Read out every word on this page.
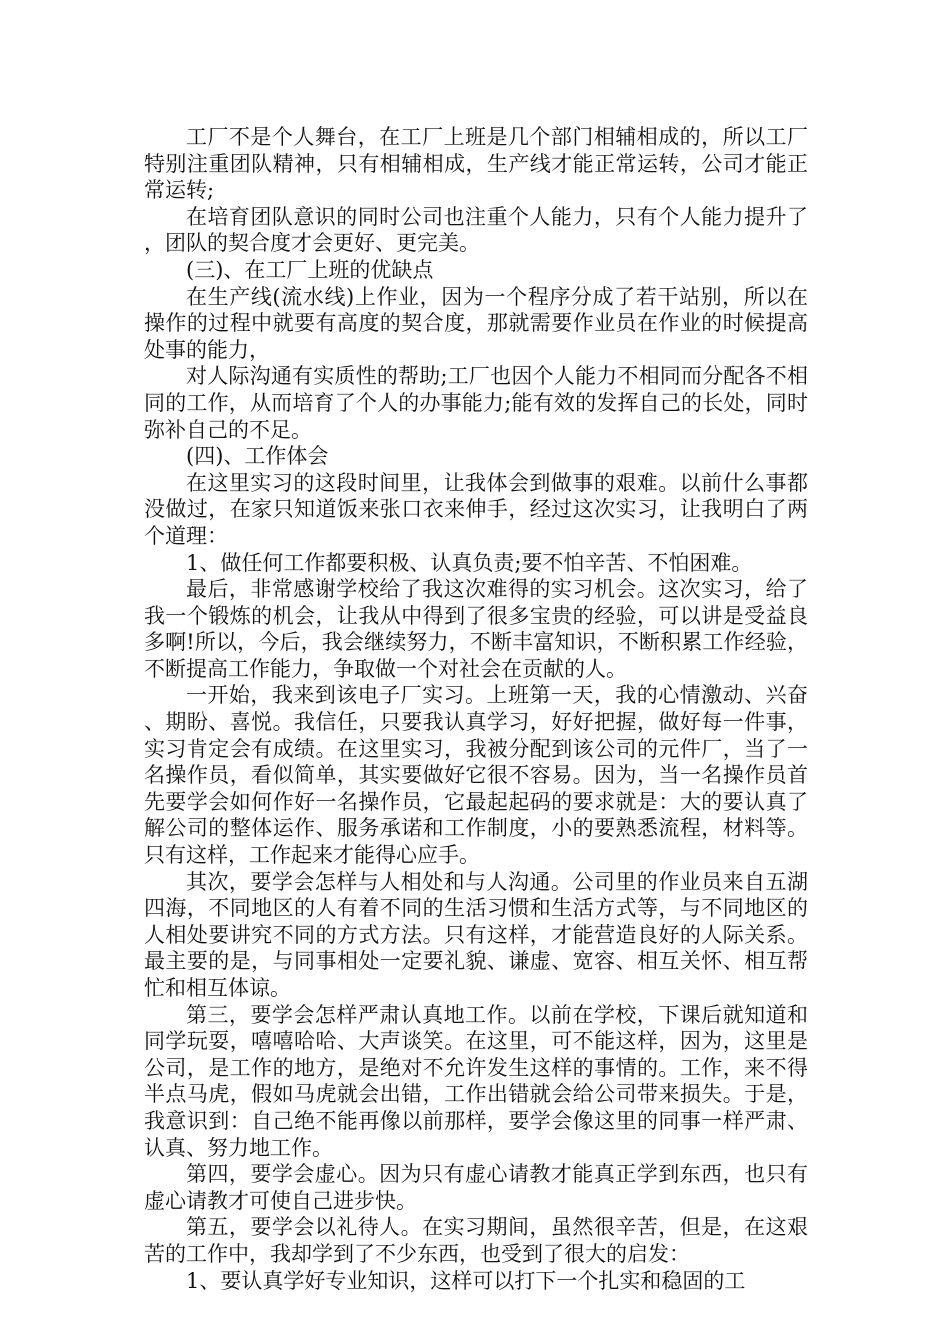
工厂不是个人舞台，在工厂上班是几个部门相辅相成的，所以工厂特别注重团队精神，只有相辅相成，生产线才能正常运转，公司才能正常运转;

在培育团队意识的同时公司也注重个人能力，只有个人能力提升了，团队的契合度才会更好、更完美。

(三)、在工厂上班的优缺点

在生产线(流水线)上作业，因为一个程序分成了若干站别，所以在操作的过程中就要有高度的契合度，那就需要作业员在作业的时候提高处事的能力，

对人际沟通有实质性的帮助;工厂也因个人能力不相同而分配各不相同的工作，从而培育了个人的办事能力;能有效的发挥自己的长处，同时弥补自己的不足。

(四)、工作体会

在这里实习的这段时间里，让我体会到做事的艰难。以前什么事都没做过，在家只知道饭来张口衣来伸手，经过这次实习，让我明白了两个道理：

1、做任何工作都要积极、认真负责;要不怕辛苦、不怕困难。

最后，非常感谢学校给了我这次难得的实习机会。这次实习，给了我一个锻炼的机会，让我从中得到了很多宝贵的经验，可以讲是受益良多啊!所以，今后，我会继续努力，不断丰富知识，不断积累工作经验，不断提高工作能力，争取做一个对社会在贡献的人。

一开始，我来到该电子厂实习。上班第一天，我的心情激动、兴奋、期盼、喜悦。我信任，只要我认真学习，好好把握，做好每一件事，实习肯定会有成绩。在这里实习，我被分配到该公司的元件厂，当了一名操作员，看似简单，其实要做好它很不容易。因为，当一名操作员首先要学会如何作好一名操作员，它最起起码的要求就是：大的要认真了解公司的整体运作、服务承诺和工作制度，小的要熟悉流程，材料等。只有这样，工作起来才能得心应手。

其次，要学会怎样与人相处和与人沟通。公司里的作业员来自五湖四海，不同地区的人有着不同的生活习惯和生活方式等，与不同地区的人相处要讲究不同的方式方法。只有这样，才能营造良好的人际关系。最主要的是，与同事相处一定要礼貌、谦虚、宽容、相互关怀、相互帮忙和相互体谅。

第三，要学会怎样严肃认真地工作。以前在学校，下课后就知道和同学玩耍，嘻嘻哈哈、大声谈笑。在这里，可不能这样，因为，这里是公司，是工作的地方，是绝对不允许发生这样的事情的。工作，来不得半点马虎，假如马虎就会出错，工作出错就会给公司带来损失。于是，我意识到：自己绝不能再像以前那样，要学会像这里的同事一样严肃、认真、努力地工作。

第四，要学会虚心。因为只有虚心请教才能真正学到东西，也只有虚心请教才可使自己进步快。

第五，要学会以礼待人。在实习期间，虽然很辛苦，但是，在这艰苦的工作中，我却学到了不少东西，也受到了很大的启发：

1、要认真学好专业知识，这样可以打下一个扎实和稳固的工
